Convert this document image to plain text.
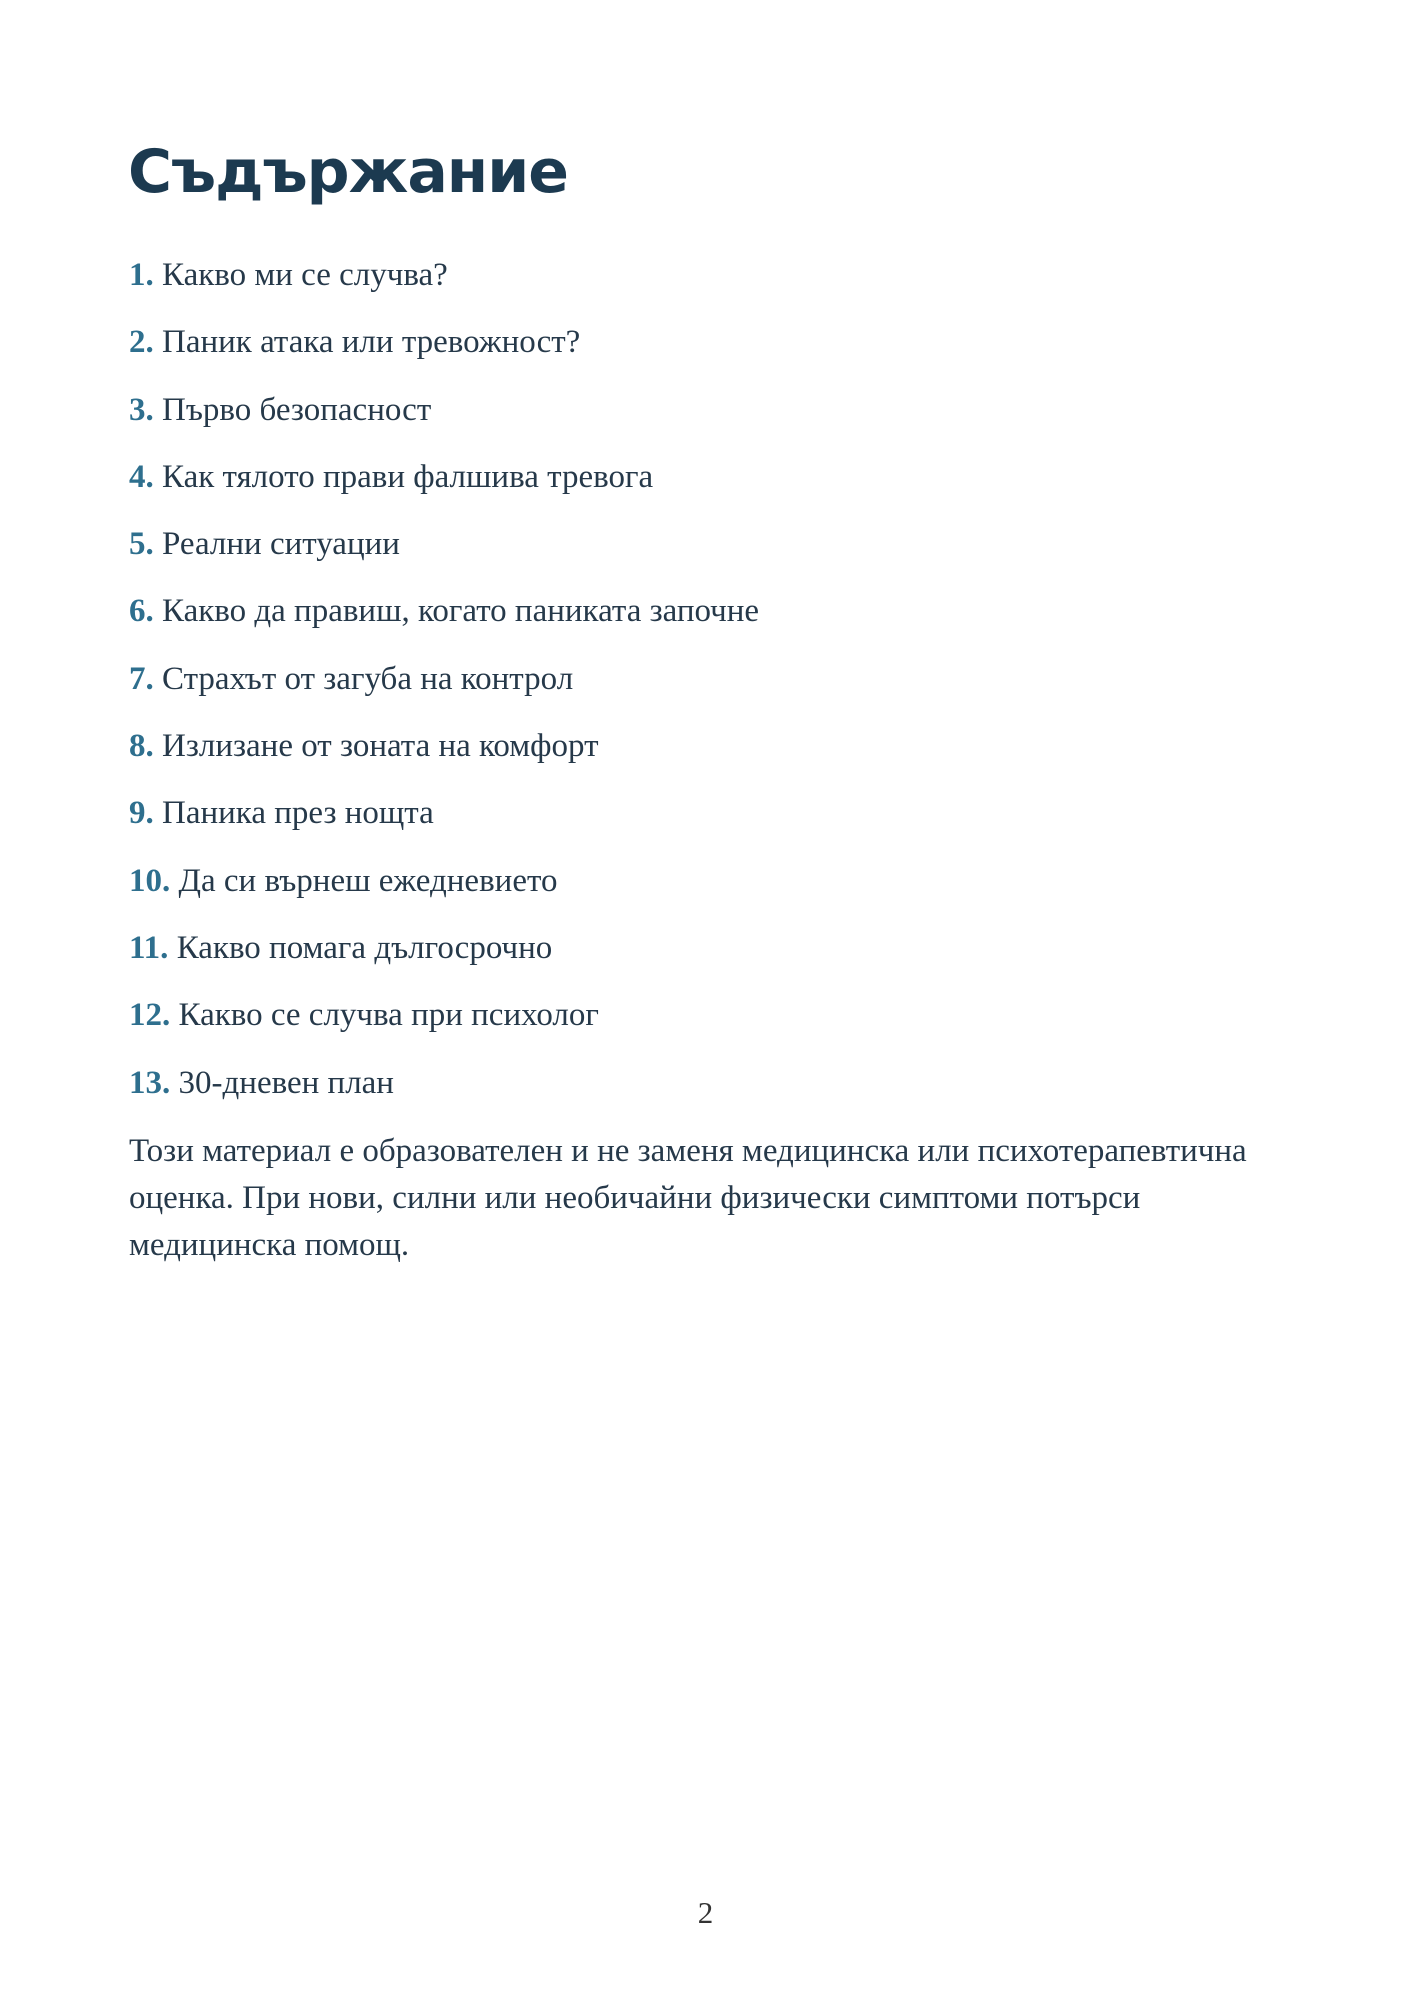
Съдържание
1. Какво ми се случва?
2. Паник атака или тревожност?
3. Първо безопасност
4. Как тялото прави фалшива тревога
5. Реални ситуации
6. Какво да правиш, когато паниката започне
7. Страхът от загуба на контрол
8. Излизане от зоната на комфорт
9. Паника през нощта
10. Да си върнеш ежедневието
11. Какво помага дългосрочно
12. Какво се случва при психолог
13. 30-дневен план

Този материал е образователен и не заменя медицинска или психотерапевтична оценка. При нови, силни или необичайни физически симптоми потърси медицинска помощ.

2
